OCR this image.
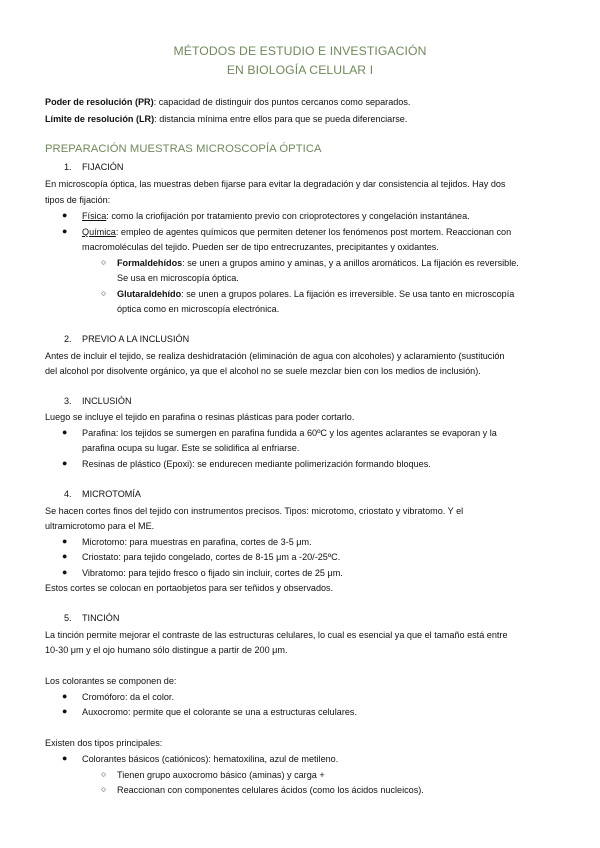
MÉTODOS DE ESTUDIO E INVESTIGACIÓN
EN BIOLOGÍA CELULAR I
Poder de resolución (PR): capacidad de distinguir dos puntos cercanos como separados.
Límite de resolución (LR): distancia mínima entre ellos para que se pueda diferenciarse.
PREPARACIÓN MUESTRAS MICROSCOPÍA ÓPTICA
1. FIJACIÓN
En microscopía óptica, las muestras deben fijarse para evitar la degradación y dar consistencia al tejidos. Hay dos
tipos de fijación:
● Física: como la criofijación por tratamiento previo con crioprotectores y congelación instantánea.
● Química: empleo de agentes químicos que permiten detener los fenómenos post mortem. Reaccionan con
macromoléculas del tejido. Pueden ser de tipo entrecruzantes, precipitantes y oxidantes.
○ Formaldehídos: se unen a grupos amino y aminas, y a anillos aromáticos. La fijación es reversible.
Se usa en microscopía óptica.
○ Glutaraldehído: se unen a grupos polares. La fijación es irreversible. Se usa tanto en microscopía
óptica como en microscopía electrónica.
2. PREVIO A LA INCLUSIÓN
Antes de incluir el tejido, se realiza deshidratación (eliminación de agua con alcoholes) y aclaramiento (sustitución
del alcohol por disolvente orgánico, ya que el alcohol no se suele mezclar bien con los medios de inclusión).
3. INCLUSIÓN
Luego se incluye el tejido en parafina o resinas plásticas para poder cortarlo.
● Parafina: los tejidos se sumergen en parafina fundida a 60ºC y los agentes aclarantes se evaporan y la
parafina ocupa su lugar. Este se solidifica al enfriarse.
● Resinas de plástico (Epoxi): se endurecen mediante polimerización formando bloques.
4. MICROTOMÍA
Se hacen cortes finos del tejido con instrumentos precisos. Tipos: microtomo, criostato y vibratomo. Y el
ultramicrotomo para el ME.
● Microtomo: para muestras en parafina, cortes de 3-5 μm.
● Criostato: para tejido congelado, cortes de 8-15 μm a -20/-25ºC.
● Vibratomo: para tejido fresco o fijado sin incluir, cortes de 25 μm.
Estos cortes se colocan en portaobjetos para ser teñidos y observados.
5. TINCIÓN
La tinción permite mejorar el contraste de las estructuras celulares, lo cual es esencial ya que el tamaño está entre
10-30 μm y el ojo humano sólo distingue a partir de 200 μm.
Los colorantes se componen de:
● Cromóforo: da el color.
● Auxocromo: permite que el colorante se una a estructuras celulares.
Existen dos tipos principales:
● Colorantes básicos (catiónicos): hematoxilina, azul de metileno.
○ Tienen grupo auxocromo básico (aminas) y carga +
○ Reaccionan con componentes celulares ácidos (como los ácidos nucleicos).
